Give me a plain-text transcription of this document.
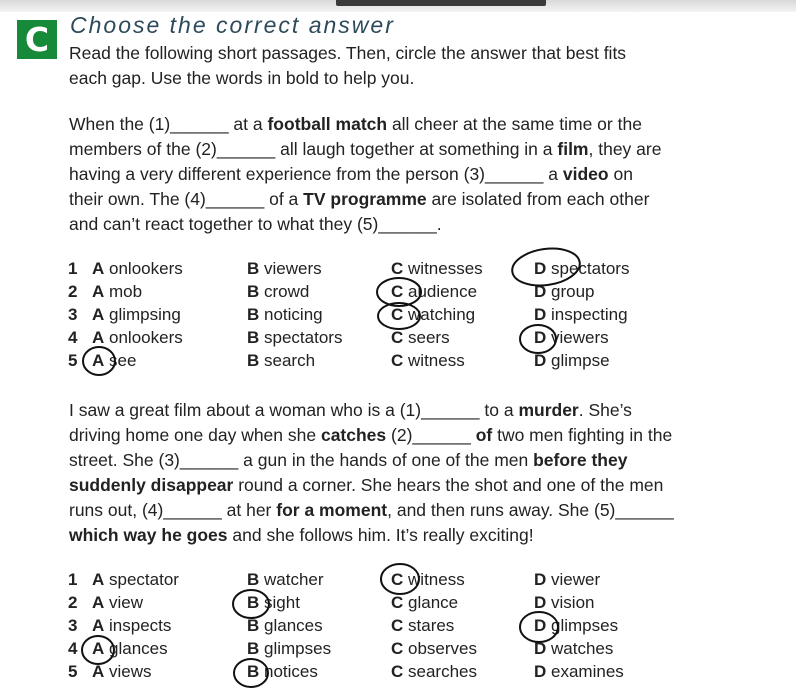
C Choose the correct answer
Read the following short passages. Then, circle the answer that best fits
each gap. Use the words in bold to help you.
When the (1)______ at a football match all cheer at the same time or the
members of the (2)______ all laugh together at something in a film, they are
having a very different experience from the person (3)______ a video on
their own. The (4)______ of a TV programme are isolated from each other
and can’t react together to what they (5)______.
1 A onlookers	B viewers	C witnesses	D spectators
2 A mob	B crowd	C audience	D group
3 A glimpsing	B noticing	C watching	D inspecting
4 A onlookers	B spectators	C seers	D viewers
5 A see	B search	C witness	D glimpse
I saw a great film about a woman who is a (1)______ to a murder. She’s
driving home one day when she catches (2)______ of two men fighting in the
street. She (3)______ a gun in the hands of one of the men before they
suddenly disappear round a corner. She hears the shot and one of the men
runs out, (4)______ at her for a moment, and then runs away. She (5)______
which way he goes and she follows him. It’s really exciting!
1 A spectator	B watcher	C witness	D viewer
2 A view	B sight	C glance	D vision
3 A inspects	B glances	C stares	D glimpses
4 A glances	B glimpses	C observes	D watches
5 A views	B notices	C searches	D examines
